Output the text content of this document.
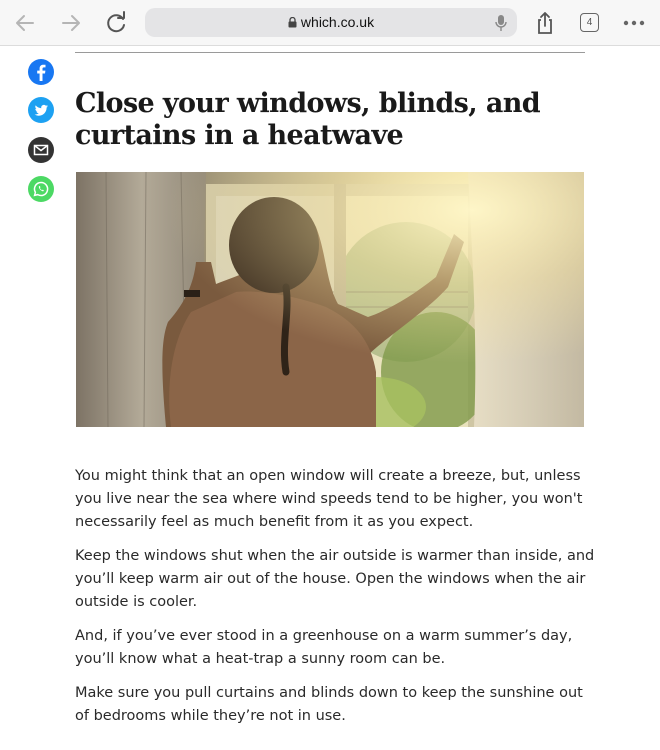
which.co.uk	4
Close your windows, blinds, and curtains in a heatwave

You might think that an open window will create a breeze, but, unless you live near the sea where wind speeds tend to be higher, you won't necessarily feel as much benefit from it as you expect.

Keep the windows shut when the air outside is warmer than inside, and you’ll keep warm air out of the house. Open the windows when the air outside is cooler.

And, if you’ve ever stood in a greenhouse on a warm summer’s day, you’ll know what a heat-trap a sunny room can be.

Make sure you pull curtains and blinds down to keep the sunshine out of bedrooms while they’re not in use.
